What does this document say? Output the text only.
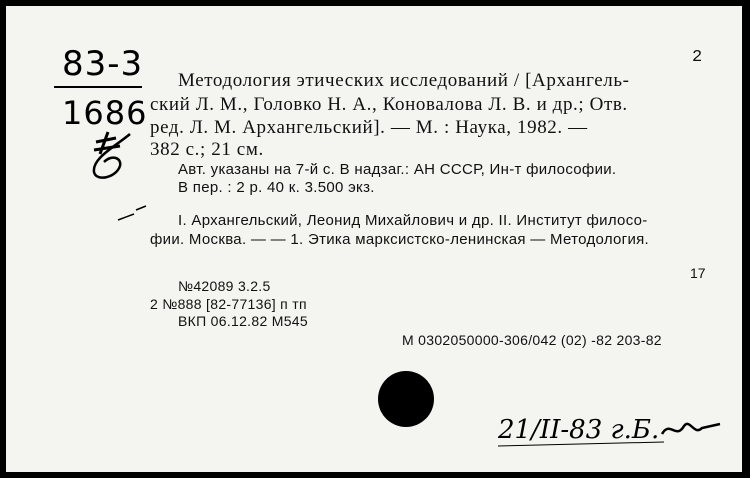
83-3
1686
2
Методология этических исследований / [Архангель-
ский Л. М., Головко Н. А., Коновалова Л. В. и др.; Отв.
ред. Л. М. Архангельский]. — М. : Наука, 1982. —
382 с.; 21 см.
Авт. указаны на 7-й с. В надзаг.: АН СССР, Ин-т философии.
В пер. : 2 р. 40 к. 3.500 экз.
I. Архангельский, Леонид Михайлович и др. II. Институт филосо-
фии. Москва. — — 1. Этика марксистско-ленинская — Методология.
17
№42089 3.2.5
2 №888 [82-77136] п тп
ВКП 06.12.82 М545
М 0302050000-306/042 (02) -82 203-82
21/II-83 г.Б.
